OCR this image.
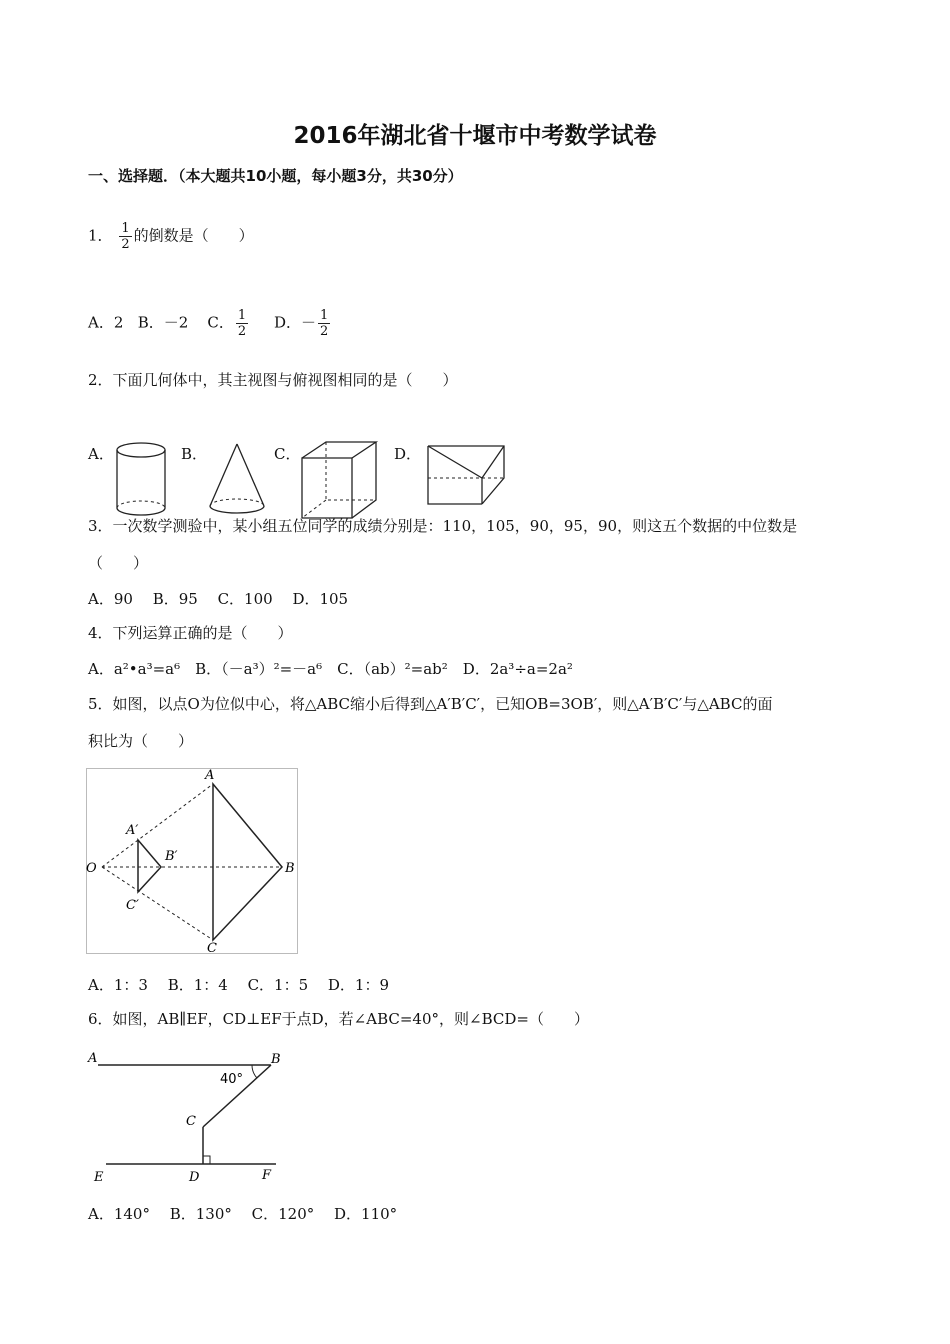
2016年湖北省十堰市中考数学试卷
一、选择题．（本大题共10小题，每小题3分，共30分）
1． $\frac{1}{2}$ 的倒数是（　　）
A．2 B．－2 C． $\frac{1}{2}$ D．－ $\frac{1}{2}$
2．下面几何体中，其主视图与俯视图相同的是（　　）
A．	B．	C．	D．
3．一次数学测验中，某小组五位同学的成绩分别是：110，105，90，95，90，则这五个数据的中位数是
（　　）
A．90　 B．95　 C．100　 D．105
4．下列运算正确的是（　　）
A．a²•a³=a⁶　B．（－a³）²=－a⁶　C．（ab）²=ab²　D．2a³÷a=2a²
5．如图，以点O为位似中心，将△ABC缩小后得到△A′B′C′，已知OB=3OB′，则△A′B′C′与△ABC的面
积比为（　　）
A
A′
B′
B
O
C′
C
A．1：3　 B．1：4　 C．1：5　 D．1：9
6．如图，AB∥EF，CD⊥EF于点D，若∠ABC=40°，则∠BCD=（　　）
A	B
40°
C
E	D	F
A．140°　 B．130°　 C．120°　 D．110°
